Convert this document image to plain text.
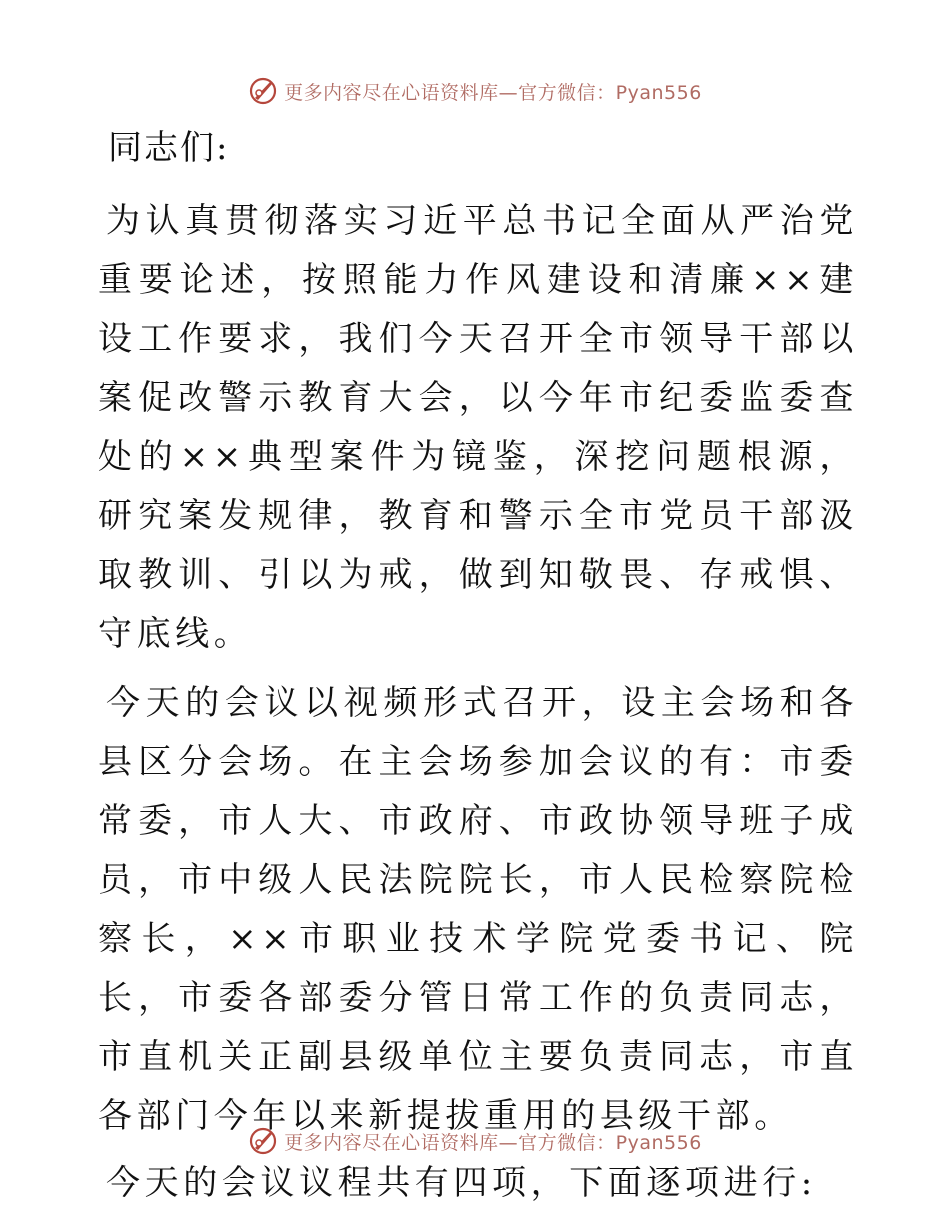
更多内容尽在心语资料库—官方微信：Pyan556
同志们:

为认真贯彻落实习近平总书记全面从严治党重要论述，按照能力作风建设和清廉××建设工作要求，我们今天召开全市领导干部以案促改警示教育大会，以今年市纪委监委查处的××典型案件为镜鉴，深挖问题根源，研究案发规律，教育和警示全市党员干部汲取教训、引以为戒，做到知敬畏、存戒惧、守底线。

今天的会议以视频形式召开，设主会场和各县区分会场。在主会场参加会议的有：市委常委，市人大、市政府、市政协领导班子成员，市中级人民法院院长，市人民检察院检察长，××市职业技术学院党委书记、院长，市委各部委分管日常工作的负责同志，市直机关正副县级单位主要负责同志，市直各部门今年以来新提拔重用的县级干部。

今天的会议议程共有四项，下面逐项进行:

更多内容尽在心语资料库—官方微信：Pyan556
